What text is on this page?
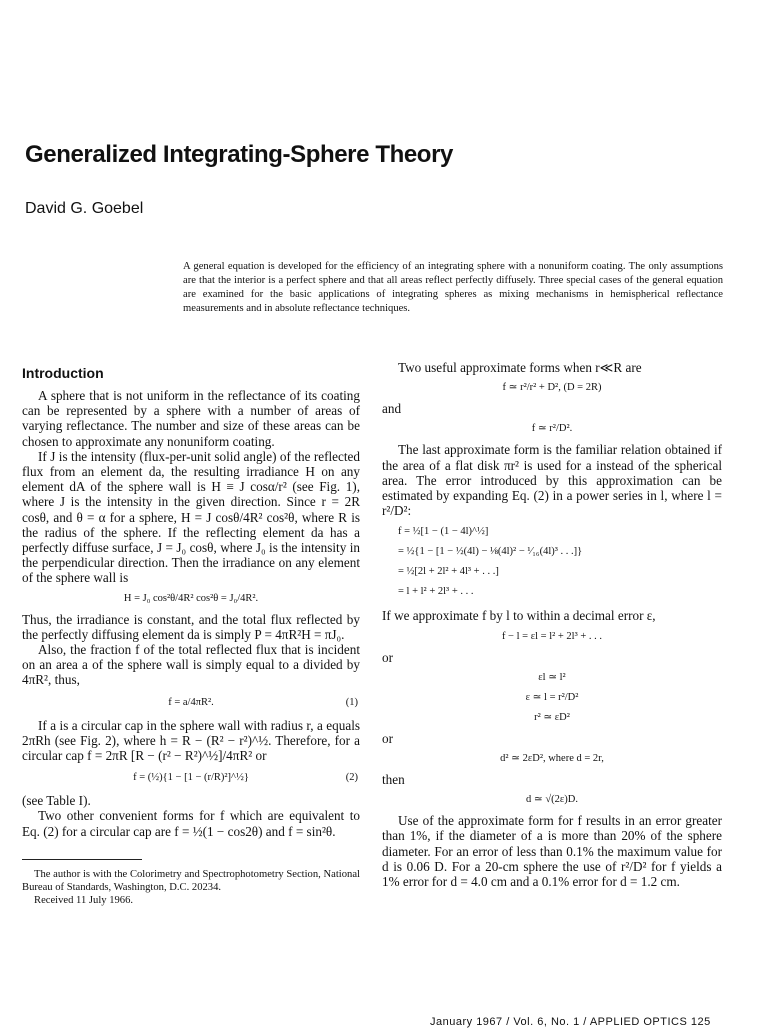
Generalized Integrating-Sphere Theory
David G. Goebel

A general equation is developed for the efficiency of an integrating sphere with a nonuniform coating. The only assumptions are that the interior is a perfect sphere and that all areas reflect perfectly diffusely. Three special cases of the general equation are examined for the basic applications of integrating spheres as mixing mechanisms in hemispherical reflectance measurements and in absolute reflectance techniques.

Introduction

A sphere that is not uniform in the reflectance of its coating can be represented by a sphere with a number of areas of varying reflectance. The number and size of these areas can be chosen to approximate any nonuniform coating.

If J is the intensity (flux-per-unit solid angle) of the reflected flux from an element da, the resulting irradiance H on any element dA of the sphere wall is H ≡ J cosα/r² (see Fig. 1), where J is the intensity in the given direction. Since r = 2R cosθ, and θ = α for a sphere, H = J cosθ/4R² cos²θ, where R is the radius of the sphere. If the reflecting element da has a perfectly diffuse surface, J = J₀ cosθ, where J₀ is the intensity in the perpendicular direction. Then the irradiance on any element of the sphere wall is

H = J₀ cos²θ/4R² cos²θ = J₀/4R².

Thus, the irradiance is constant, and the total flux reflected by the perfectly diffusing element da is simply P = 4πR²H = πJ₀.

Also, the fraction f of the total reflected flux that is incident on an area a of the sphere wall is simply equal to a divided by 4πR², thus,

f = a/4πR².	(1)

If a is a circular cap in the sphere wall with radius r, a equals 2πRh (see Fig. 2), where h = R − (R² − r²)^½. Therefore, for a circular cap f = 2πR [R − (r² − R²)^½]/4πR² or

f = (½){1 − [1 − (r/R)²]^½}	(2)

(see Table I).

Two other convenient forms for f which are equivalent to Eq. (2) for a circular cap are f = ½(1 − cos2θ) and f = sin²θ.

The author is with the Colorimetry and Spectrophotometry Section, National Bureau of Standards, Washington, D.C. 20234.

Received 11 July 1966.

Two useful approximate forms when r≪R are

f ≃ r²/r² + D², (D = 2R)
and
f ≃ r²/D².

The last approximate form is the familiar relation obtained if the area of a flat disk πr² is used for a instead of the spherical area. The error introduced by this approximation can be estimated by expanding Eq. (2) in a power series in l, where l = r²/D²:

f = ½[1 − (1 − 4l)^½]
= ½{1 − [1 − ½(4l) − ⅛(4l)² − ¹⁄₁₆(4l)³ . . .]}
= ½[2l + 2l² + 4l³ + . . .]
= l + l² + 2l³ + . . .

If we approximate f by l to within a decimal error ε,

f − l = εl = l² + 2l³ + . . .
or
εl ≃ l²
ε ≃ l = r²/D²
r² ≃ εD²
or
d² ≃ 2εD², where d = 2r,
then
d ≃ √(2ε)D.

Use of the approximate form for f results in an error greater than 1%, if the diameter of a is more than 20% of the sphere diameter. For an error of less than 0.1% the maximum value for d is 0.06 D. For a 20-cm sphere the use of r²/D² for f yields a 1% error for d = 4.0 cm and a 0.1% error for d = 1.2 cm.

January 1967 / Vol. 6, No. 1 / APPLIED OPTICS 125
